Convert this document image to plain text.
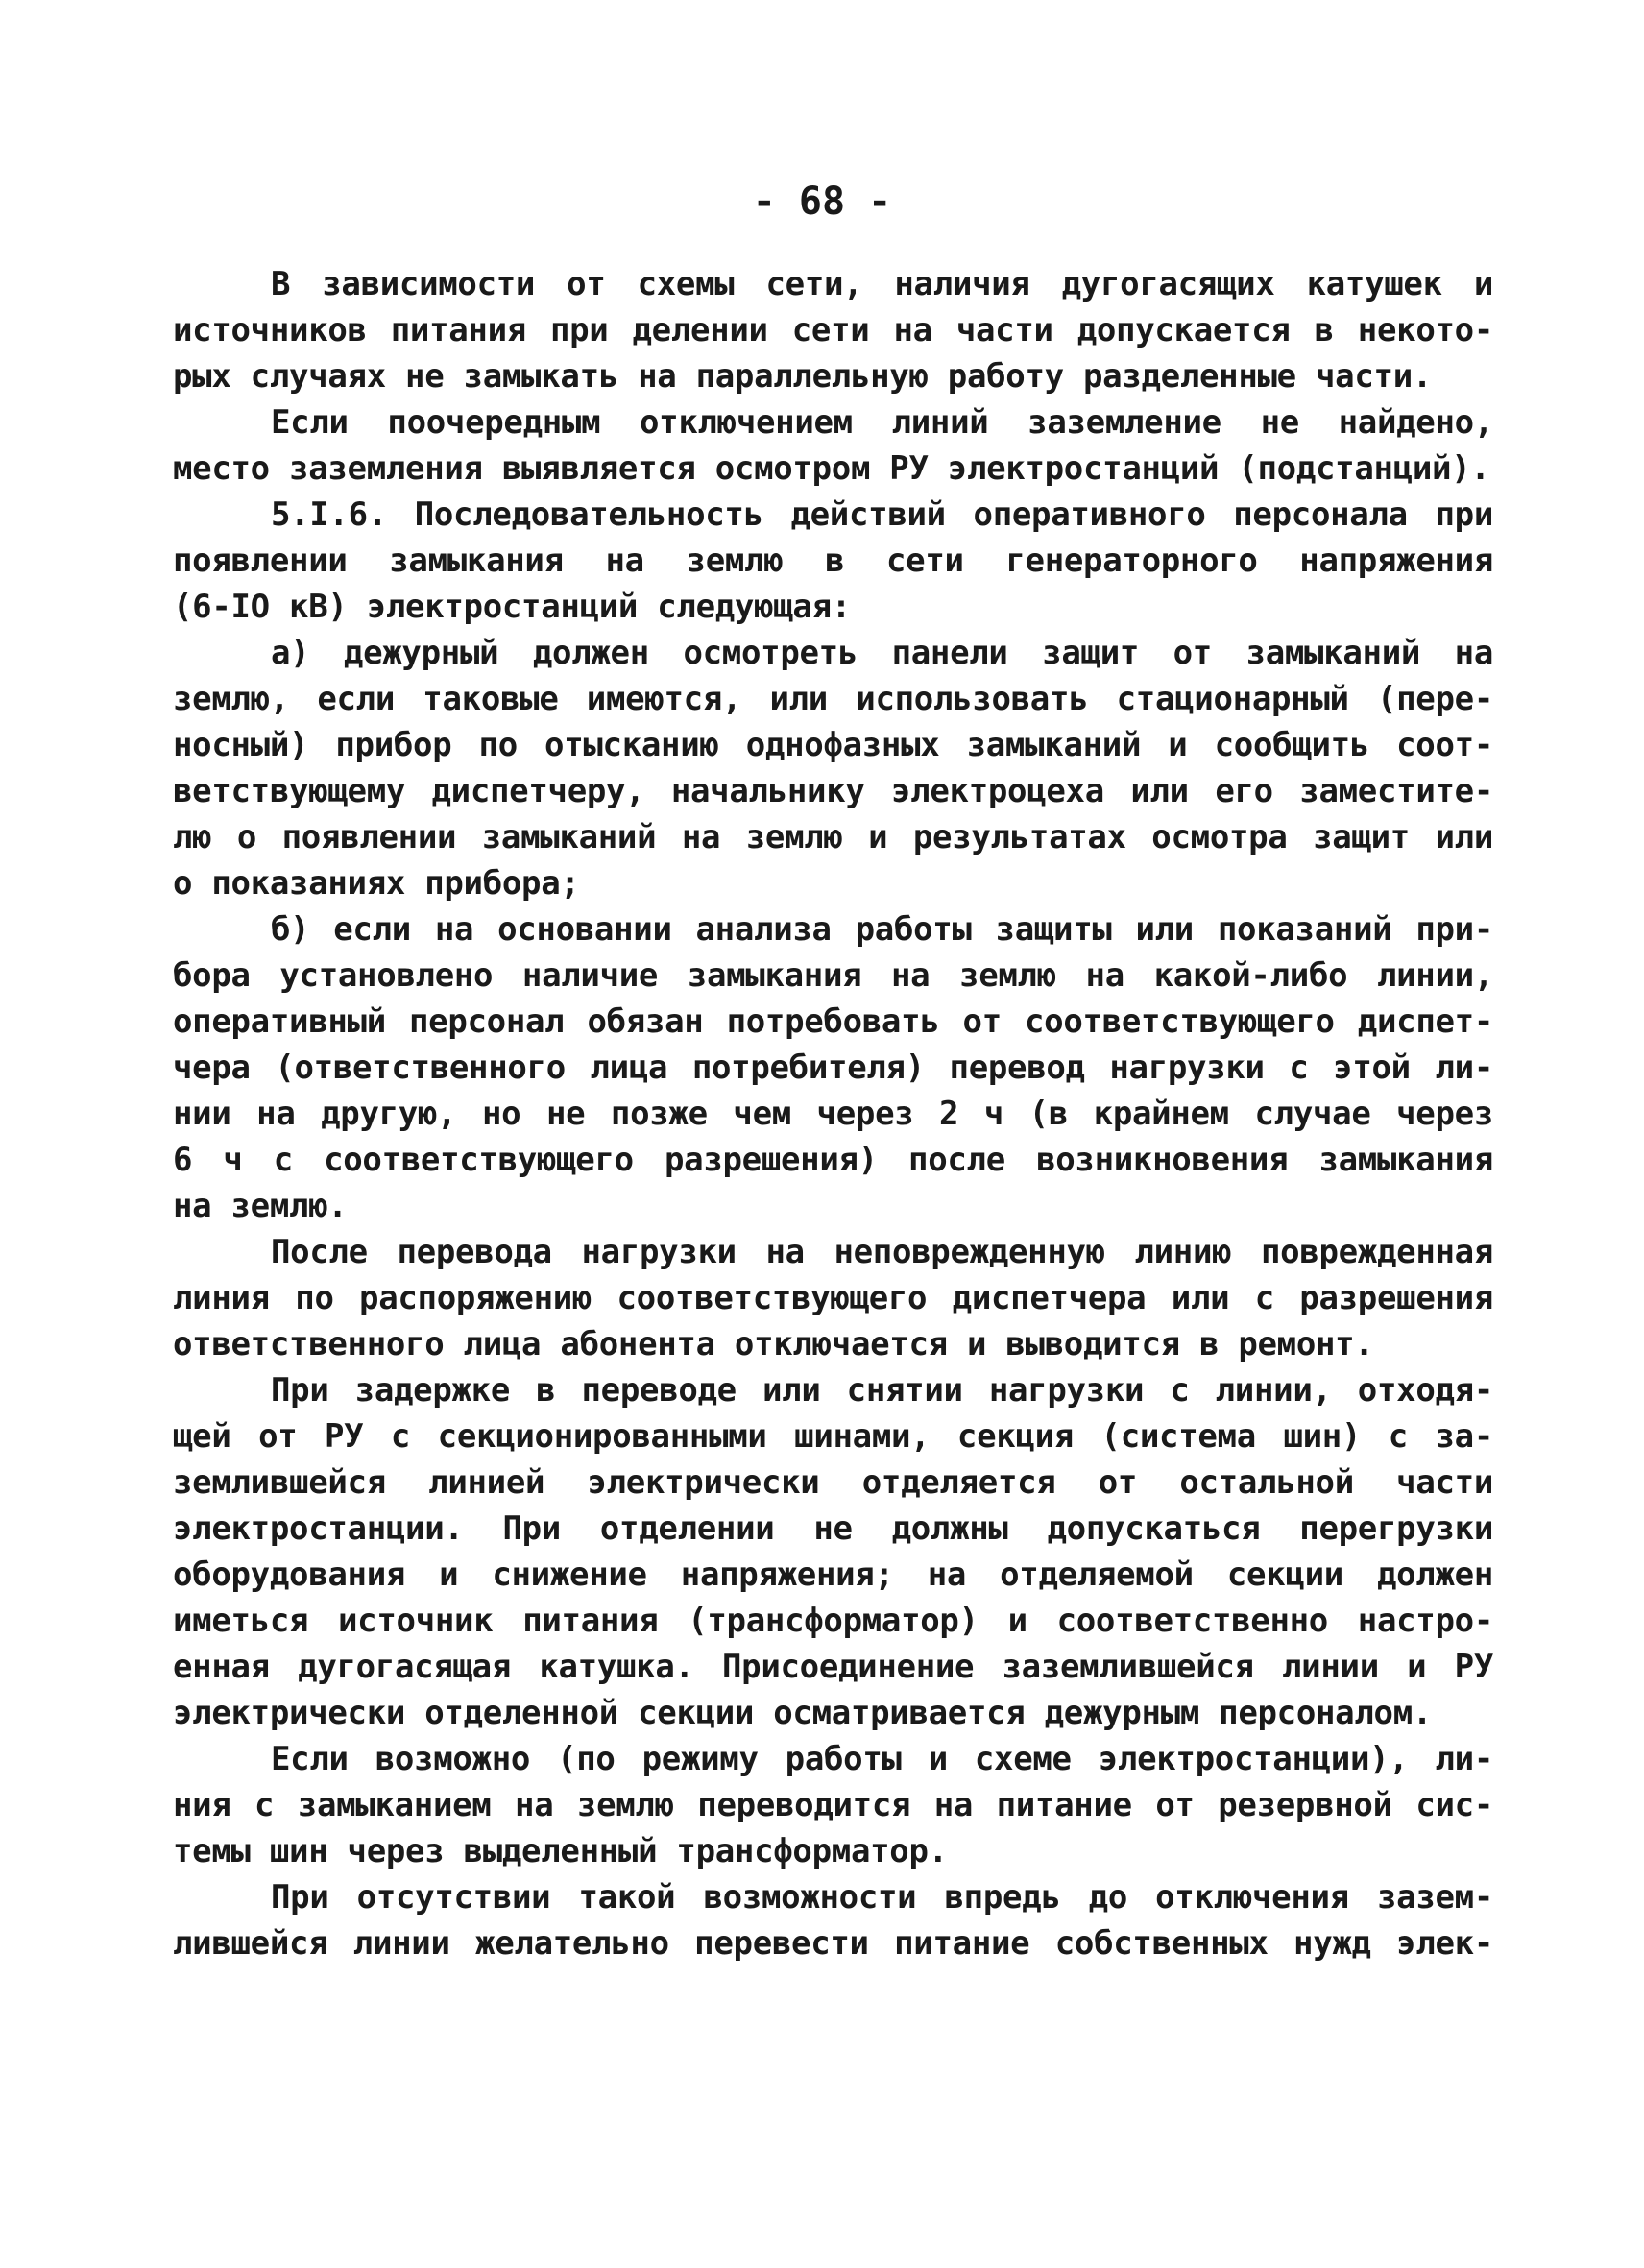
- 68 -
В зависимости от схемы сети, наличия дугогасящих катушек и
источников питания при делении сети на части допускается в некото-
рых случаях не замыкать на параллельную работу разделенные части.
Если поочередным отключением линий заземление не найдено,
место заземления выявляется осмотром РУ электростанций (подстанций).
5.I.6. Последовательность действий оперативного персонала при
появлении замыкания на землю в сети генераторного напряжения
(6-IO кВ) электростанций следующая:
а) дежурный должен осмотреть панели защит от замыканий на
землю, если таковые имеются, или использовать стационарный (пере-
носный) прибор по отысканию однофазных замыканий и сообщить соот-
ветствующему диспетчеру, начальнику электроцеха или его заместите-
лю о появлении замыканий на землю и результатах осмотра защит или
о показаниях прибора;
б) если на основании анализа работы защиты или показаний при-
бора установлено наличие замыкания на землю на какой-либо линии,
оперативный персонал обязан потребовать от соответствующего диспет-
чера (ответственного лица потребителя) перевод нагрузки с этой ли-
нии на другую, но не позже чем через 2 ч (в крайнем случае через
6 ч с соответствующего разрешения) после возникновения замыкания
на землю.
После перевода нагрузки на неповрежденную линию поврежденная
линия по распоряжению соответствующего диспетчера или с разрешения
ответственного лица абонента отключается и выводится в ремонт.
При задержке в переводе или снятии нагрузки с линии, отходя-
щей от РУ с секционированными шинами, секция (система шин) с за-
землившейся линией электрически отделяется от остальной части
электростанции. При отделении не должны допускаться перегрузки
оборудования и снижение напряжения; на отделяемой секции должен
иметься источник питания (трансформатор) и соответственно настро-
енная дугогасящая катушка. Присоединение заземлившейся линии и РУ
электрически отделенной секции осматривается дежурным персоналом.
Если возможно (по режиму работы и схеме электростанции), ли-
ния с замыканием на землю переводится на питание от резервной сис-
темы шин через выделенный трансформатор.
При отсутствии такой возможности впредь до отключения зазем-
лившейся линии желательно перевести питание собственных нужд элек-
